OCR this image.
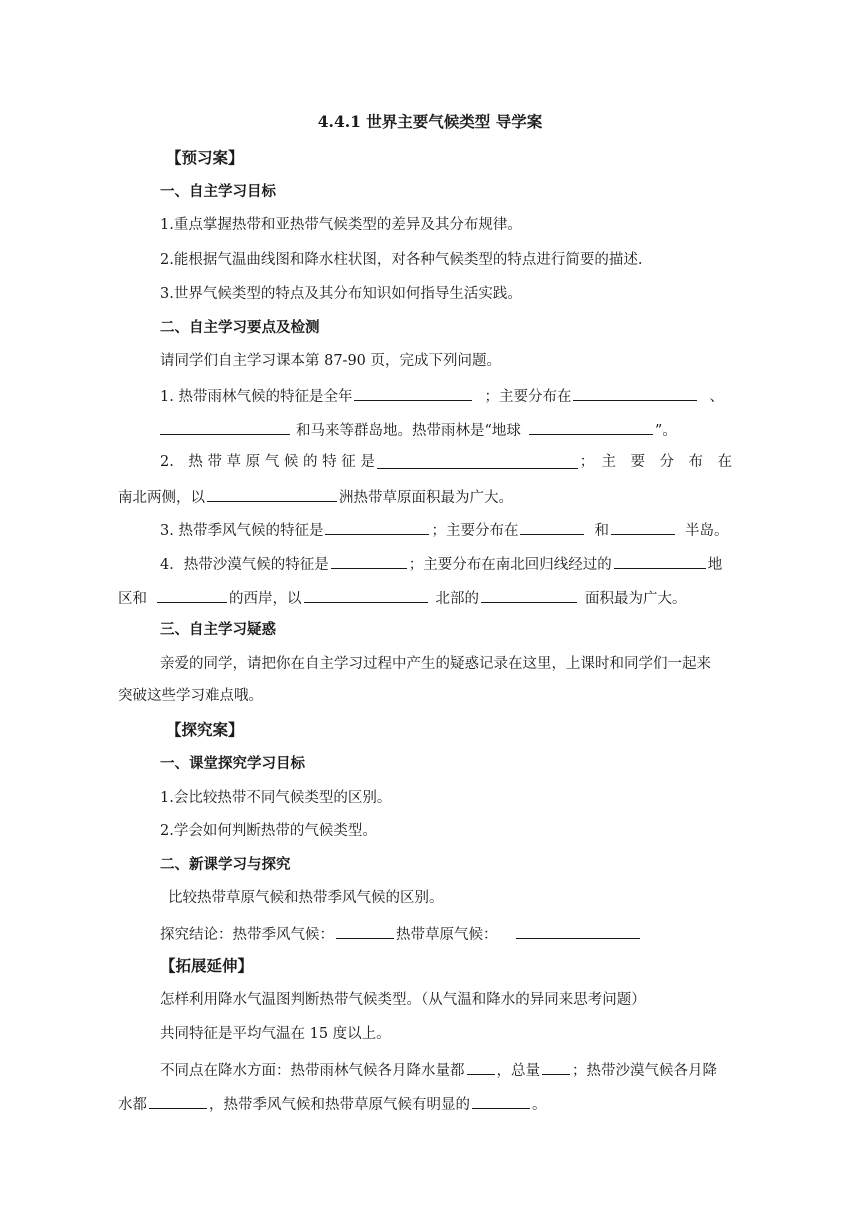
4.4.1 世界主要气候类型 导学案
【预习案】
一、自主学习目标
1.重点掌握热带和亚热带气候类型的差异及其分布规律。
2.能根据气温曲线图和降水柱状图，对各种气候类型的特点进行简要的描述.
3.世界气候类型的特点及其分布知识如何指导生活实践。
二、自主学习要点及检测
请同学们自主学习课本第 87-90 页，完成下列问题。
1. 热带雨林气候的特征是全年	；主要分布在	、
和马来等群岛地。热带雨林是“地球	”。
2.　热 带 草 原 气 候 的 特 征 是	；　主　要　分　布　在
南北两侧，以	洲热带草原面积最为广大。
3. 热带季风气候的特征是	；主要分布在	和	半岛。
4．热带沙漠气候的特征是	；主要分布在南北回归线经过的	地
区和	的西岸，以	北部的	面积最为广大。
三、自主学习疑惑
亲爱的同学，请把你在自主学习过程中产生的疑惑记录在这里，上课时和同学们一起来
突破这些学习难点哦。
【探究案】
一、课堂探究学习目标
1.会比较热带不同气候类型的区别。
2.学会如何判断热带的气候类型。
二、新课学习与探究
比较热带草原气候和热带季风气候的区别。
探究结论：热带季风气候：	热带草原气候：
【拓展延伸】
怎样利用降水气温图判断热带气候类型。（从气温和降水的异同来思考问题）
共同特征是平均气温在 15 度以上。
不同点在降水方面：热带雨林气候各月降水量都 ，总量 ；热带沙漠气候各月降
水都	，热带季风气候和热带草原气候有明显的	。
